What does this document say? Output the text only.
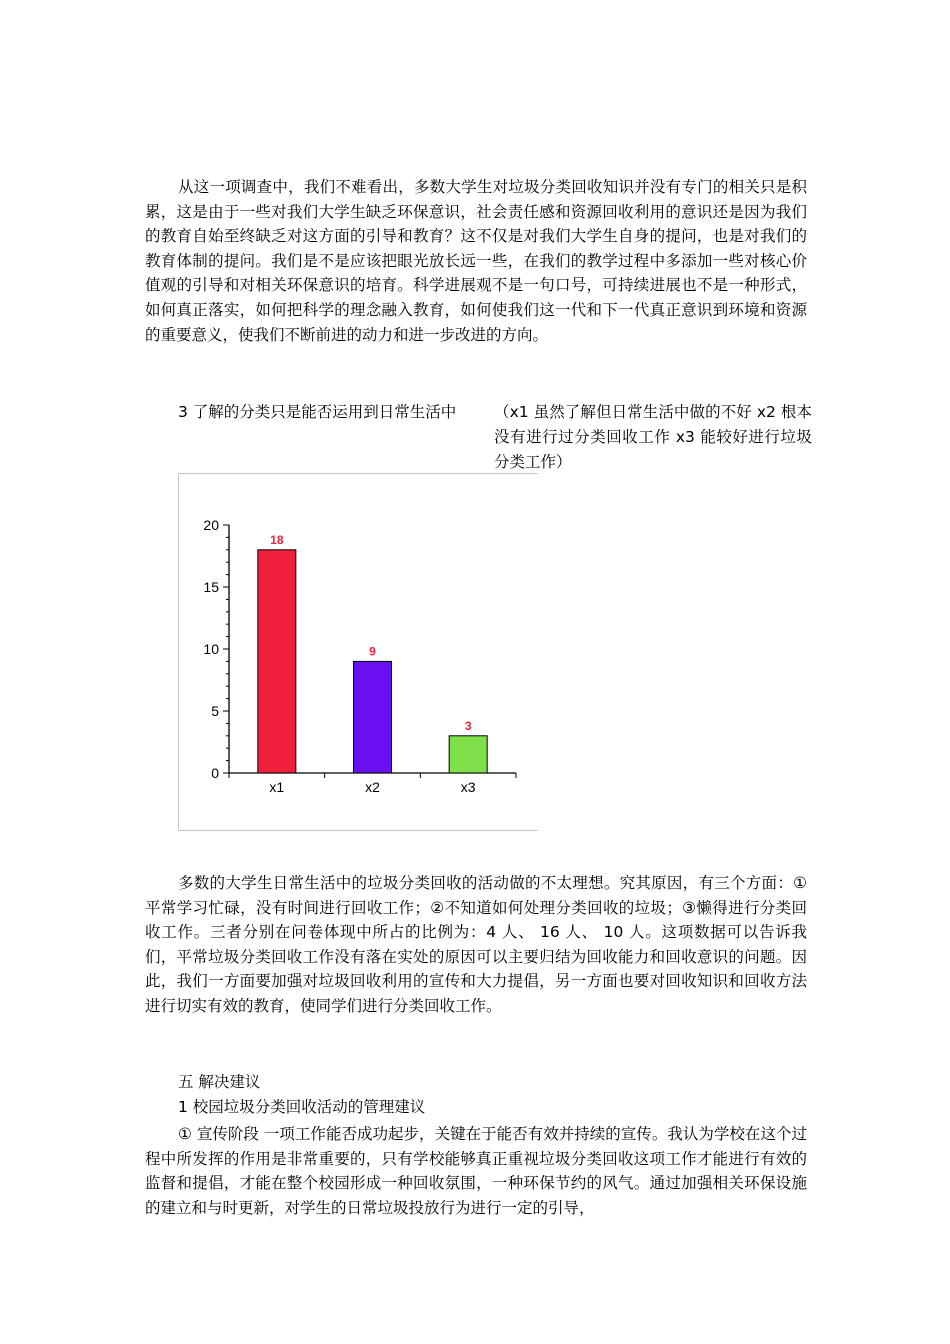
从这一项调查中，我们不难看出，多数大学生对垃圾分类回收知识并没有专门的相关只是积累，这是由于一些对我们大学生缺乏环保意识，社会责任感和资源回收利用的意识还是因为我们的教育自始至终缺乏对这方面的引导和教育？这不仅是对我们大学生自身的提问，也是对我们的教育体制的提问。我们是不是应该把眼光放长远一些，在我们的教学过程中多添加一些对核心价值观的引导和对相关环保意识的培育。科学进展观不是一句口号，可持续进展也不是一种形式，如何真正落实，如何把科学的理念融入教育，如何使我们这一代和下一代真正意识到环境和资源的重要意义，使我们不断前进的动力和进一步改进的方向。

3 了解的分类只是能否运用到日常生活中 （x1 虽然了解但日常生活中做的不好 x2 根本没有进行过分类回收工作 x3 能较好进行垃圾分类工作）
0
5
10
15
20
18
x1
9
x2
3
x3

多数的大学生日常生活中的垃圾分类回收的活动做的不太理想。究其原因，有三个方面：①平常学习忙碌，没有时间进行回收工作；②不知道如何处理分类回收的垃圾；③懒得进行分类回收工作。三者分别在问卷体现中所占的比例为：4 人、 16 人、 10 人。这项数据可以告诉我们，平常垃圾分类回收工作没有落在实处的原因可以主要归结为回收能力和回收意识的问题。因此，我们一方面要加强对垃圾回收利用的宣传和大力提倡，另一方面也要对回收知识和回收方法进行切实有效的教育，使同学们进行分类回收工作。

五 解决建议
1 校园垃圾分类回收活动的管理建议

① 宣传阶段 一项工作能否成功起步，关键在于能否有效并持续的宣传。我认为学校在这个过程中所发挥的作用是非常重要的，只有学校能够真正重视垃圾分类回收这项工作才能进行有效的监督和提倡，才能在整个校园形成一种回收氛围，一种环保节约的风气。通过加强相关环保设施的建立和与时更新，对学生的日常垃圾投放行为进行一定的引导，
